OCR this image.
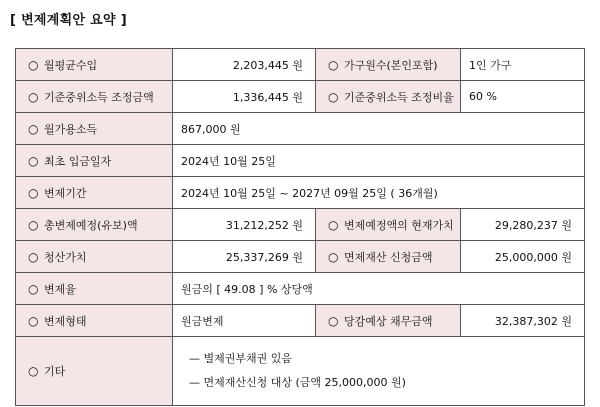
[ 변제계획안 요약 ]
○ 월평균수입	2,203,445 원	○ 가구원수(본인포함)	1인 가구
○ 기준중위소득 조정금액	1,336,445 원	○ 기준중위소득 조정비율	60 %
○ 월가용소득	867,000 원		
○ 최초 입금일자	2024년 10월 25일		
○ 변제기간	2024년 10월 25일 ~ 2027년 09월 25일 ( 36개월)		
○ 총변제예정(유보)액	31,212,252 원	○ 변제예정액의 현재가치	29,280,237 원
○ 청산가치	25,337,269 원	○ 면제재산 신청금액	25,000,000 원
○ 변제율	원금의 [ 49.08 ] % 상당액		
○ 변제형태	원금변제	○ 당감예상 채무금액	32,387,302 원
○ 기타	— 별제권부채권 있음
— 면제재산신청 대상 (금액 25,000,000 원)		
